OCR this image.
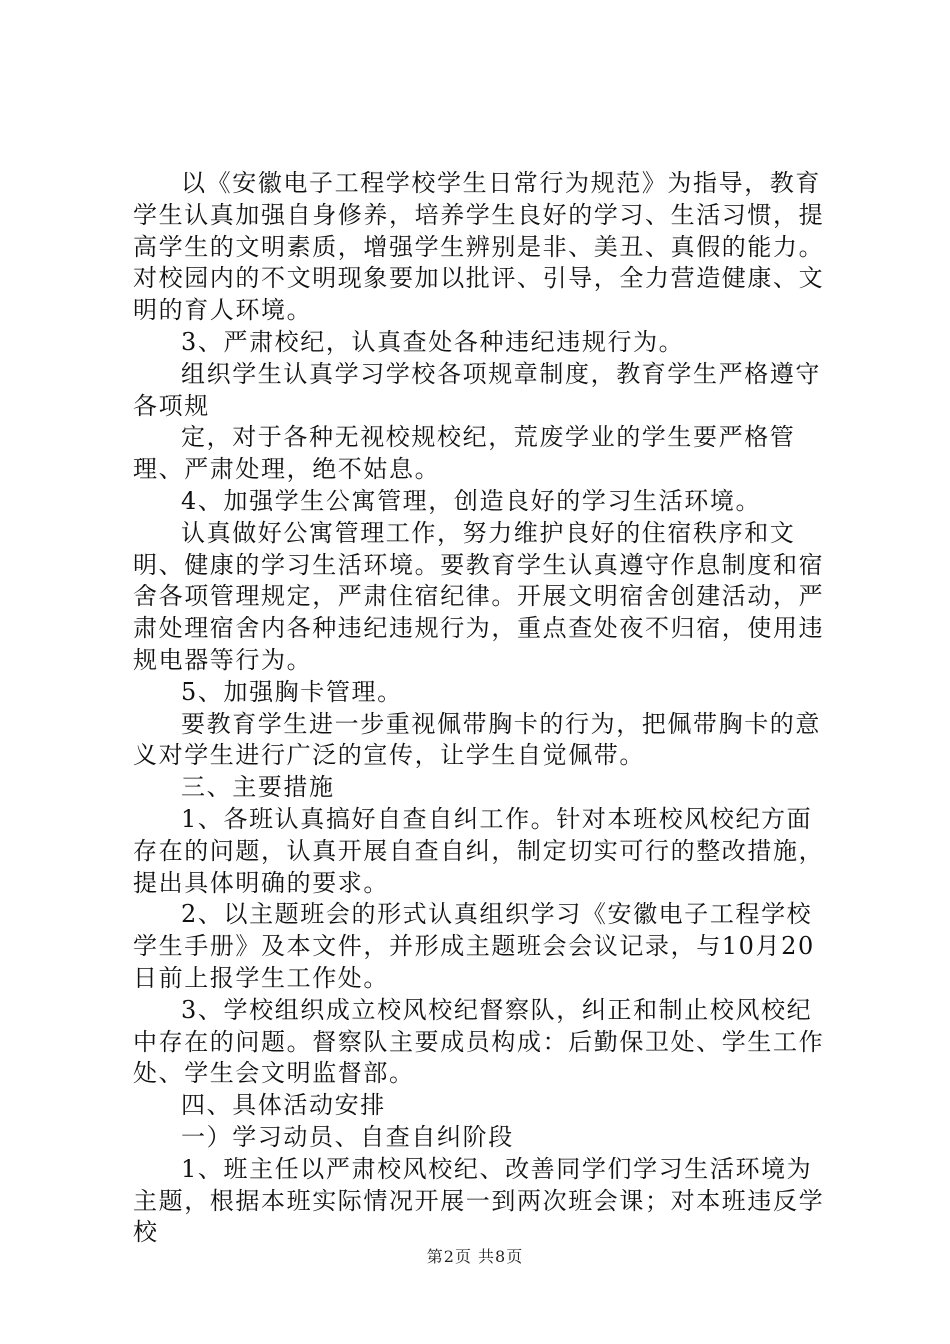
以《安徽电子工程学校学生日常行为规范》为指导，教育学生认真加强自身修养，培养学生良好的学习、生活习惯，提高学生的文明素质，增强学生辨别是非、美丑、真假的能力。对校园内的不文明现象要加以批评、引导，全力营造健康、文明的育人环境。

3、严肃校纪，认真查处各种违纪违规行为。

组织学生认真学习学校各项规章制度，教育学生严格遵守各项规

定，对于各种无视校规校纪，荒废学业的学生要严格管理、严肃处理，绝不姑息。

4、加强学生公寓管理，创造良好的学习生活环境。

认真做好公寓管理工作，努力维护良好的住宿秩序和文明、健康的学习生活环境。要教育学生认真遵守作息制度和宿舍各项管理规定，严肃住宿纪律。开展文明宿舍创建活动，严肃处理宿舍内各种违纪违规行为，重点查处夜不归宿，使用违规电器等行为。

5、加强胸卡管理。

要教育学生进一步重视佩带胸卡的行为，把佩带胸卡的意义对学生进行广泛的宣传，让学生自觉佩带。

三、主要措施

1、各班认真搞好自查自纠工作。针对本班校风校纪方面存在的问题，认真开展自查自纠，制定切实可行的整改措施，提出具体明确的要求。

2、以主题班会的形式认真组织学习《安徽电子工程学校学生手册》及本文件，并形成主题班会会议记录，与10月20日前上报学生工作处。

3、学校组织成立校风校纪督察队，纠正和制止校风校纪中存在的问题。督察队主要成员构成：后勤保卫处、学生工作处、学生会文明监督部。

四、具体活动安排

一）学习动员、自查自纠阶段

1、班主任以严肃校风校纪、改善同学们学习生活环境为主题，根据本班实际情况开展一到两次班会课；对本班违反学校

第2页 共8页
